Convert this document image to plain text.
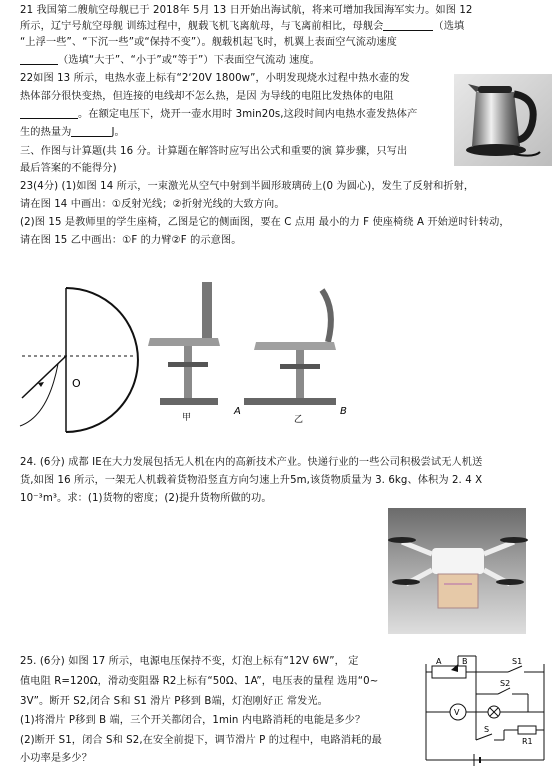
21 我国第二艘航空母舰已于 2018年 5月 13 日开始出海试航，将来可增加我国海军实力。如图 12
所示，辽宁号航空母舰 训练过程中，舰载飞机飞离航母，与飞离前相比，母舰会	（选填
“上浮一些”、“下沉一些”或“保持不变”）。舰载机起飞时，机翼上表面空气流动速度
（选填“大于”、“小于”或“等于”）下表面空气流动 速度。
22如图 13 所示，电热水壶上标有“2‘20V 1800w”，小明发现烧水过程中热水壶的发
热体部分很快变热，但连接的电线却不怎么热，是因 为导线的电阻比发热体的电阻
。在额定电压下，烧开一壶水用时 3min20s,这段时间内电热水壶发热体产
生的热量为	J。
三、作图与计算题(共 16 分。计算题在解答时应写出公式和重要的演 算步骤，只写出
最后答案的不能得分)
23(4分) (1)如图 14 所示，一束激光从空气中射到半圆形玻璃砖上(0 为圆心)，发生了反射和折射，
请在图 14 中画出：①反射光线；②折射光线的大致方向。
(2)图 15 是教师里的学生座椅，乙图是它的侧面图，要在 C 点用 最小的力 F 使座椅绕 A 开始逆时针转动，
请在图 15 乙中画出：①F 的力臂②F 的示意图。
24. (6分) 成都 IE在大力发展包括无人机在内的高新技术产业。快递行业的一些公司积极尝试无人机送
货,如图 16 所示，一架无人机载着货物沿竖直方向匀速上升5m,该货物质量为 3. 6kg、体积为 2. 4 X
10⁻³m³。求：(1)货物的密度；(2)提升货物所做的功。
25. (6分) 如图 17 所示，电源电压保持不变，灯泡上标有“12V 6W”， 定
值电阻 R=120Ω，滑动变阻器 R2上标有“50Ω、1A”，电压表的量程 选用“0~
3V”。断开 S2,闭合 S和 S1 滑片 P移到 B端，灯泡刚好正 常发光。
(1)将滑片 P移到 B 端，三个开关都闭合，1min 内电路消耗的电能是多少？
(2)断开 S1，闭合 S和 S2,在安全前提下，调节滑片 P 的过程中，电路消耗的最
小功率是多少？
O
甲
A	B
乙
A	B	S1
S2
V
S
R1
